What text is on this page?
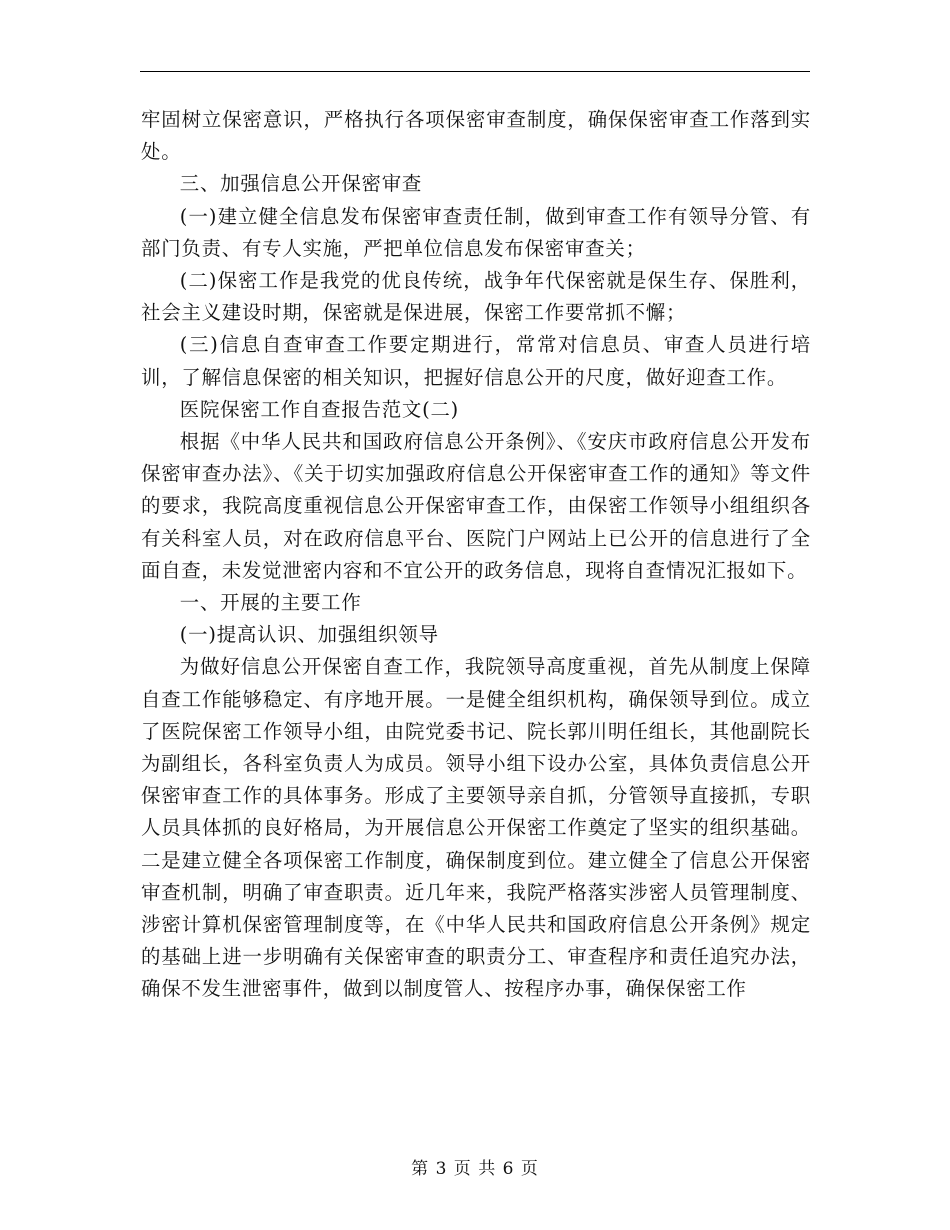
牢固树立保密意识，严格执行各项保密审查制度，确保保密审查工作落到实处。

三、加强信息公开保密审查

(一)建立健全信息发布保密审查责任制，做到审查工作有领导分管、有部门负责、有专人实施，严把单位信息发布保密审查关；

(二)保密工作是我党的优良传统，战争年代保密就是保生存、保胜利，社会主义建设时期，保密就是保进展，保密工作要常抓不懈；

(三)信息自查审查工作要定期进行，常常对信息员、审查人员进行培训，了解信息保密的相关知识，把握好信息公开的尺度，做好迎查工作。

医院保密工作自查报告范文(二)

根据《中华人民共和国政府信息公开条例》、《安庆市政府信息公开发布保密审查办法》、《关于切实加强政府信息公开保密审查工作的通知》等文件的要求，我院高度重视信息公开保密审查工作，由保密工作领导小组组织各有关科室人员，对在政府信息平台、医院门户网站上已公开的信息进行了全面自查，未发觉泄密内容和不宜公开的政务信息，现将自查情况汇报如下。

一、开展的主要工作

(一)提高认识、加强组织领导

为做好信息公开保密自查工作，我院领导高度重视，首先从制度上保障自查工作能够稳定、有序地开展。一是健全组织机构，确保领导到位。成立了医院保密工作领导小组，由院党委书记、院长郭川明任组长，其他副院长为副组长，各科室负责人为成员。领导小组下设办公室，具体负责信息公开保密审查工作的具体事务。形成了主要领导亲自抓，分管领导直接抓，专职人员具体抓的良好格局，为开展信息公开保密工作奠定了坚实的组织基础。二是建立健全各项保密工作制度，确保制度到位。建立健全了信息公开保密审查机制，明确了审查职责。近几年来，我院严格落实涉密人员管理制度、涉密计算机保密管理制度等，在《中华人民共和国政府信息公开条例》规定的基础上进一步明确有关保密审查的职责分工、审查程序和责任追究办法，确保不发生泄密事件，做到以制度管人、按程序办事，确保保密工作

第 3 页 共 6 页
